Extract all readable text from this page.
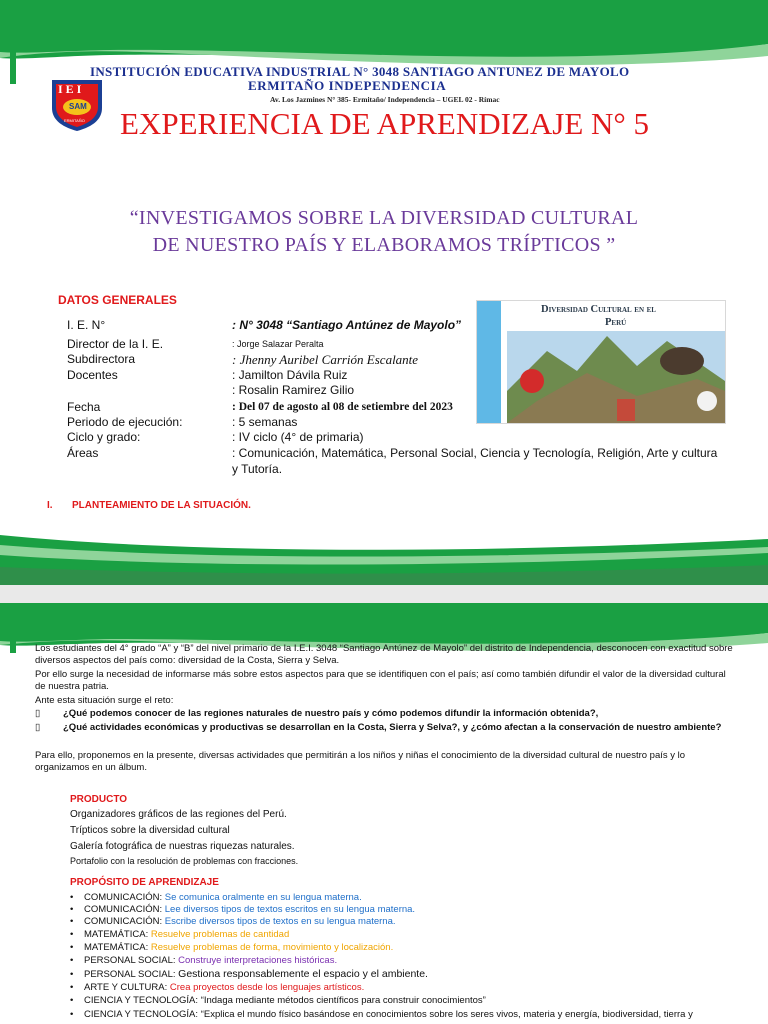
I E I
SAM
ERMITAÑO
INSTITUCIÓN EDUCATIVA INDUSTRIAL N° 3048 SANTIAGO ANTUNEZ DE MAYOLO
ERMITAÑO INDEPENDENCIA
Av. Los Jazmines N° 385- Ermitaño/ Independencia – UGEL 02 - Rímac
EXPERIENCIA DE APRENDIZAJE N° 5
“INVESTIGAMOS SOBRE LA DIVERSIDAD CULTURAL
DE NUESTRO PAÍS Y ELABORAMOS TRÍPTICOS ”
DATOS GENERALES
I. E. N°	: N° 3048 “Santiago Antúnez de Mayolo”
Director de la I. E.	: Jorge Salazar Peralta
Subdirectora	: Jhenny Auribel Carrión Escalante
Docentes	: Jamilton Dávila Ruiz
: Rosalin Ramirez Gilio
Fecha	: Del 07 de agosto al 08 de setiembre del 2023
Periodo de ejecución:	: 5 semanas
Ciclo y grado:	: IV ciclo (4° de primaria)
Áreas	: Comunicación, Matemática, Personal Social, Ciencia y Tecnología, Religión, Arte y cultura
y Tutoría.
Diversidad Cultural en el
Perú
I.       PLANTEAMIENTO DE LA SITUACIÓN.
Los estudiantes del 4° grado “A” y “B” del nivel primario de la I.E.I. 3048 “Santiago Antúnez de Mayolo” del distrito de Independencia, desconocen con exactitud sobre diversos aspectos del país como: diversidad de la Costa, Sierra y Selva.
Por ello surge la necesidad de informarse más sobre estos aspectos para que se identifiquen con el país; así como también difundir el valor de la diversidad cultural de nuestra patria.
Ante esta situación surge el reto:
▯ ¿Qué podemos conocer de las regiones naturales de nuestro país y cómo podemos difundir la información obtenida?,
▯ ¿Qué actividades económicas y productivas se desarrollan en la Costa, Sierra y Selva?, y ¿cómo afectan a la conservación de nuestro ambiente?
Para ello, proponemos en la presente, diversas actividades que permitirán a los niños y niñas el conocimiento de la diversidad cultural de nuestro país y lo organizamos en un álbum.
PRODUCTO
Organizadores gráficos de las regiones del Perú.
Trípticos sobre la diversidad cultural
Galería fotográfica de nuestras riquezas naturales.
Portafolio con la resolución de problemas con fracciones.
PROPÓSITO DE APRENDIZAJE
• COMUNICACIÓN: Se comunica oralmente en su lengua materna.
• COMUNICACIÓN: Lee diversos tipos de textos escritos en su lengua materna.
• COMUNICACIÓN: Escribe diversos tipos de textos en su lengua materna.
• MATEMÁTICA: Resuelve problemas de cantidad
• MATEMÁTICA: Resuelve problemas de forma, movimiento y localización.
• PERSONAL SOCIAL: Construye interpretaciones históricas.
• PERSONAL SOCIAL: Gestiona responsablemente el espacio y el ambiente.
• ARTE Y CULTURA: Crea proyectos desde los lenguajes artísticos.
• CIENCIA Y TECNOLOGÍA: “Indaga mediante métodos científicos para construir conocimientos”
• CIENCIA Y TECNOLOGÍA: “Explica el mundo físico basándose en conocimientos sobre los seres vivos, materia y energía, biodiversidad, tierra y
